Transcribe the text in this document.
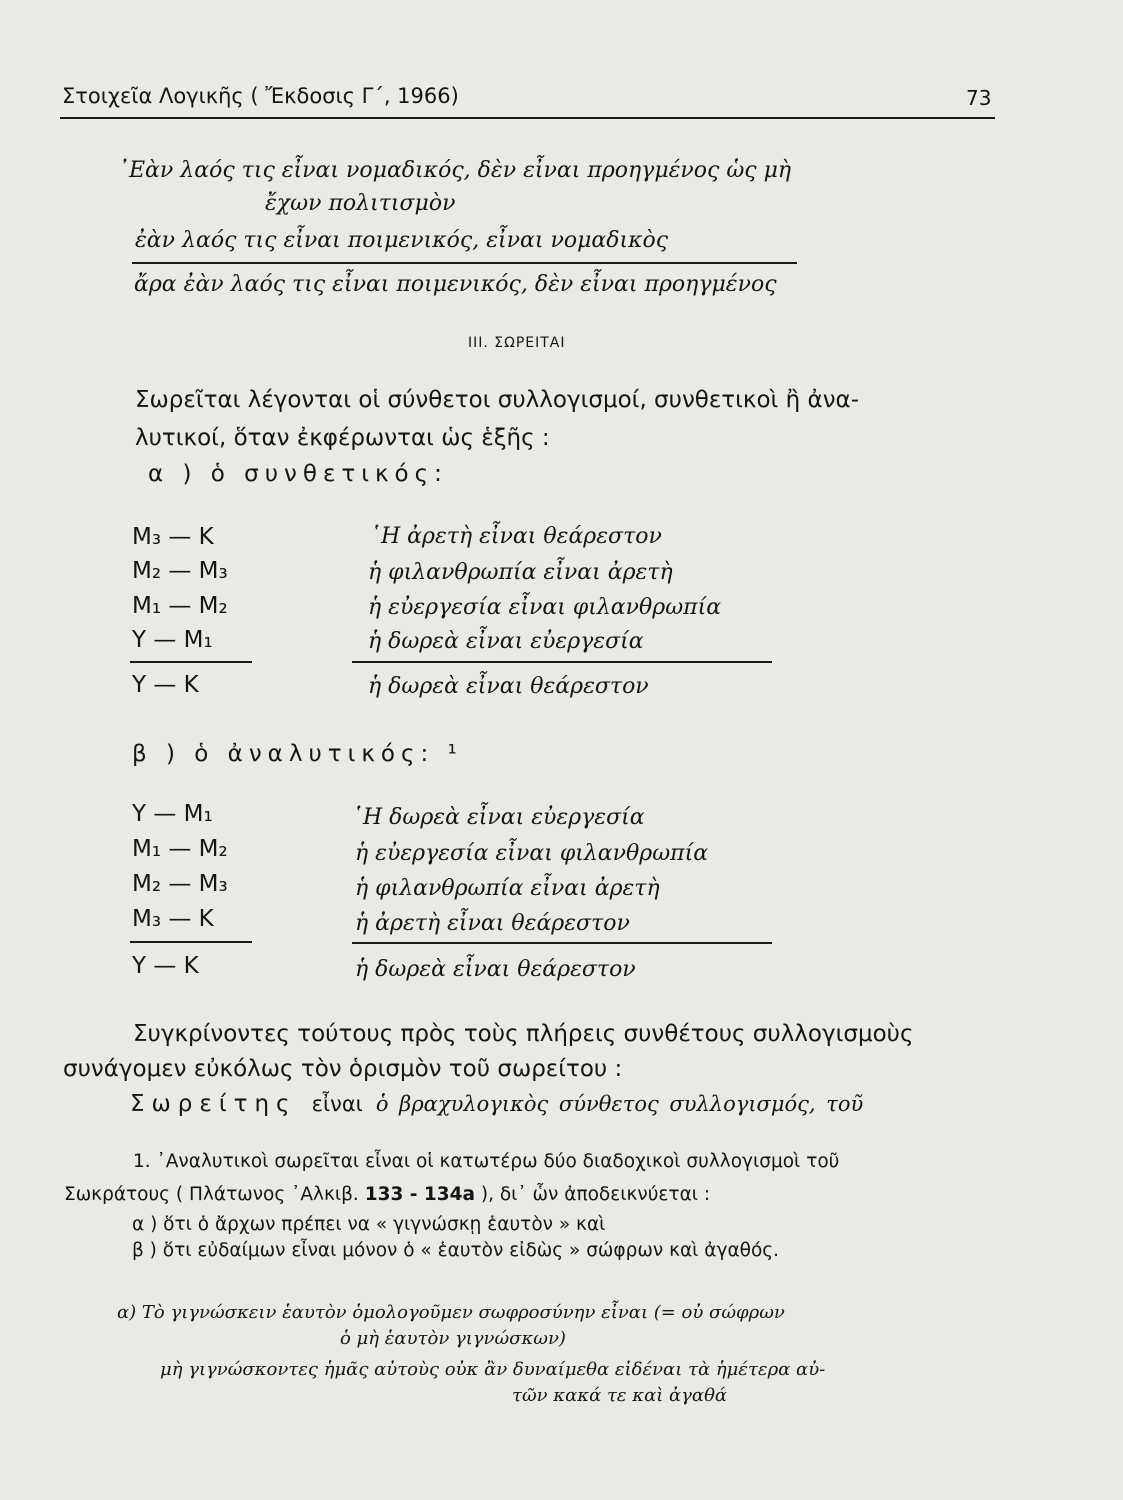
Στοιχεῖα Λογικῆς ( Ἔκδοσις Γ΄, 1966)	73
᾿Εὰν λαός τις εἶναι νομαδικός, δὲν εἶναι προηγμένος ὡς μὴ
ἔχων πολιτισμὸν
ἐὰν λαός τις εἶναι ποιμενικός, εἶναι νομαδικὸς
ἄρα ἐὰν λαός τις εἶναι ποιμενικός, δὲν εἶναι προηγμένος
III. ΣΩΡΕΙΤΑΙ
Σωρεῖται λέγονται οἱ σύνθετοι συλλογισμοί, συνθετικοὶ ἢ ἀνα-
λυτικοί, ὅταν ἐκφέρωνται ὡς ἑξῆς :
α ) ὁ συνθετικός:
M₃ — K	῾Η ἀρετὴ εἶναι θεάρεστον
M₂ — M₃	ἡ φιλανθρωπία εἶναι ἀρετὴ
M₁ — M₂	ἡ εὐεργεσία εἶναι φιλανθρωπία
Y — M₁	ἡ δωρεὰ εἶναι εὐεργεσία
Y — K	ἡ δωρεὰ εἶναι θεάρεστον
β ) ὁ ἀναλυτικός: ¹
Y — M₁	῾Η δωρεὰ εἶναι εὐεργεσία
M₁ — M₂	ἡ εὐεργεσία εἶναι φιλανθρωπία
M₂ — M₃	ἡ φιλανθρωπία εἶναι ἀρετὴ
M₃ — K	ἡ ἀρετὴ εἶναι θεάρεστον
Y — K	ἡ δωρεὰ εἶναι θεάρεστον
Συγκρίνοντες τούτους πρὸς τοὺς πλήρεις συνθέτους συλλογισμοὺς
συνάγομεν εὐκόλως τὸν ὁρισμὸν τοῦ σωρείτου :
Σωρείτης εἶναι ὁ βραχυλογικὸς σύνθετος συλλογισμός, τοῦ
1. ᾿Αναλυτικοὶ σωρεῖται εἶναι οἱ κατωτέρω δύο διαδοχικοὶ συλλογισμοὶ τοῦ
Σωκράτους ( Πλάτωνος ᾿Αλκιβ. 133 - 134a ), δι᾿ ὧν ἀποδεικνύεται :
α ) ὅτι ὁ ἄρχων πρέπει να « γιγνώσκῃ ἑαυτὸν » καὶ
β ) ὅτι εὐδαίμων εἶναι μόνον ὁ « ἑαυτὸν εἰδὼς » σώφρων καὶ ἀγαθός.
α) Τὸ γιγνώσκειν ἑαυτὸν ὁμολογοῦμεν σωφροσύνην εἶναι (= οὐ σώφρων
ὁ μὴ ἑαυτὸν γιγνώσκων)
μὴ γιγνώσκοντες ἡμᾶς αὐτοὺς οὐκ ἂν δυναίμεθα εἰδέναι τὰ ἡμέτερα αὐ-
τῶν κακά τε καὶ ἀγαθά
